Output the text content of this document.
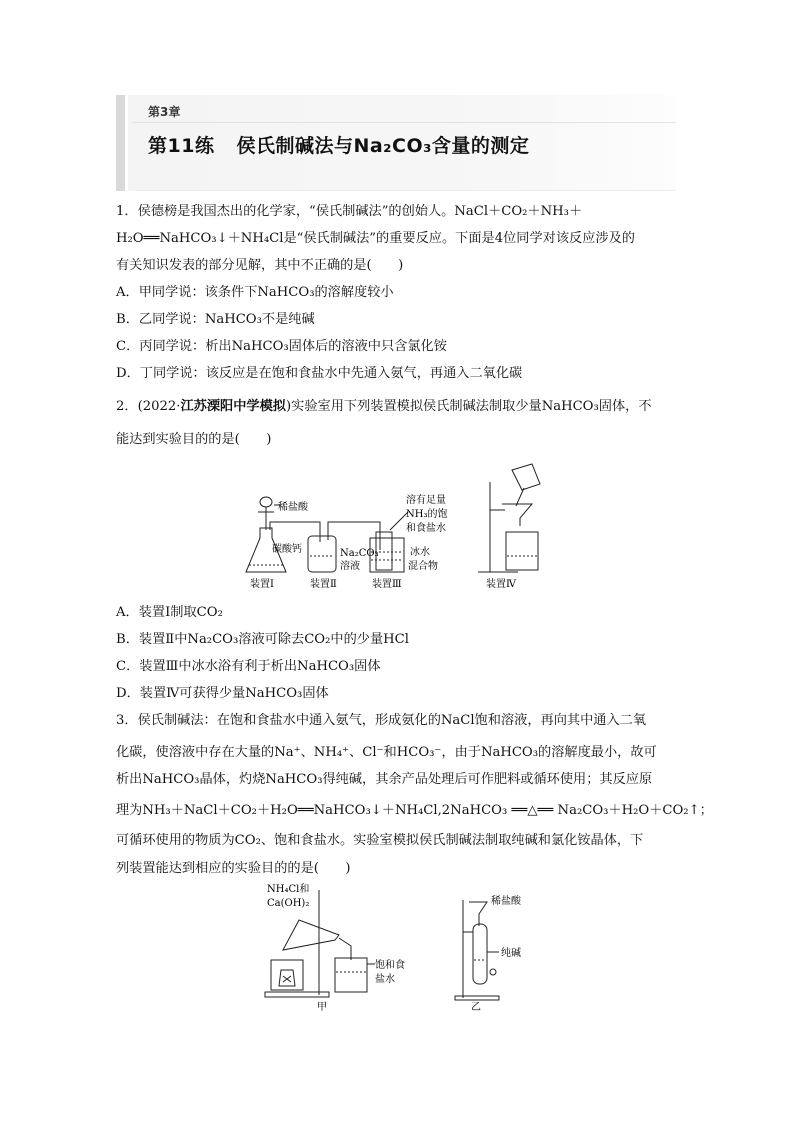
第3章
第11练 侯氏制碱法与Na₂CO₃含量的测定
1．侯德榜是我国杰出的化学家，“侯氏制碱法”的创始人。NaCl＋CO₂＋NH₃＋
H₂O══NaHCO₃↓＋NH₄Cl是“侯氏制碱法”的重要反应。下面是4位同学对该反应涉及的
有关知识发表的部分见解，其中不正确的是(　　)
A．甲同学说：该条件下NaHCO₃的溶解度较小
B．乙同学说：NaHCO₃不是纯碱
C．丙同学说：析出NaHCO₃固体后的溶液中只含氯化铵
D．丁同学说：该反应是在饱和食盐水中先通入氨气，再通入二氧化碳
2．(2022·江苏溧阳中学模拟)实验室用下列装置模拟侯氏制碱法制取少量NaHCO₃固体，不
能达到实验目的的是(　　)
稀盐酸
碳酸钙	Na₂CO₃
溶液
溶有足量
NH₃的饱
和食盐水
冰水
混合物
装置Ⅰ	装置Ⅱ	装置Ⅲ	装置Ⅳ
A．装置Ⅰ制取CO₂
B．装置Ⅱ中Na₂CO₃溶液可除去CO₂中的少量HCl
C．装置Ⅲ中冰水浴有利于析出NaHCO₃固体
D．装置Ⅳ可获得少量NaHCO₃固体
3．侯氏制碱法：在饱和食盐水中通入氨气，形成氨化的NaCl饱和溶液，再向其中通入二氧
化碳，使溶液中存在大量的Na⁺、NH₄⁺、Cl⁻和HCO₃⁻，由于NaHCO₃的溶解度最小，故可
析出NaHCO₃晶体，灼烧NaHCO₃得纯碱，其余产品处理后可作肥料或循环使用；其反应原
理为NH₃＋NaCl＋CO₂＋H₂O══NaHCO₃↓＋NH₄Cl,2NaHCO₃ ══△══ Na₂CO₃＋H₂O＋CO₂↑；
可循环使用的物质为CO₂、饱和食盐水。实验室模拟侯氏制碱法制取纯碱和氯化铵晶体，下
列装置能达到相应的实验目的的是(　　)
NH₄Cl和
Ca(OH)₂
饱和食
盐水
甲
稀盐酸
纯碱
乙
